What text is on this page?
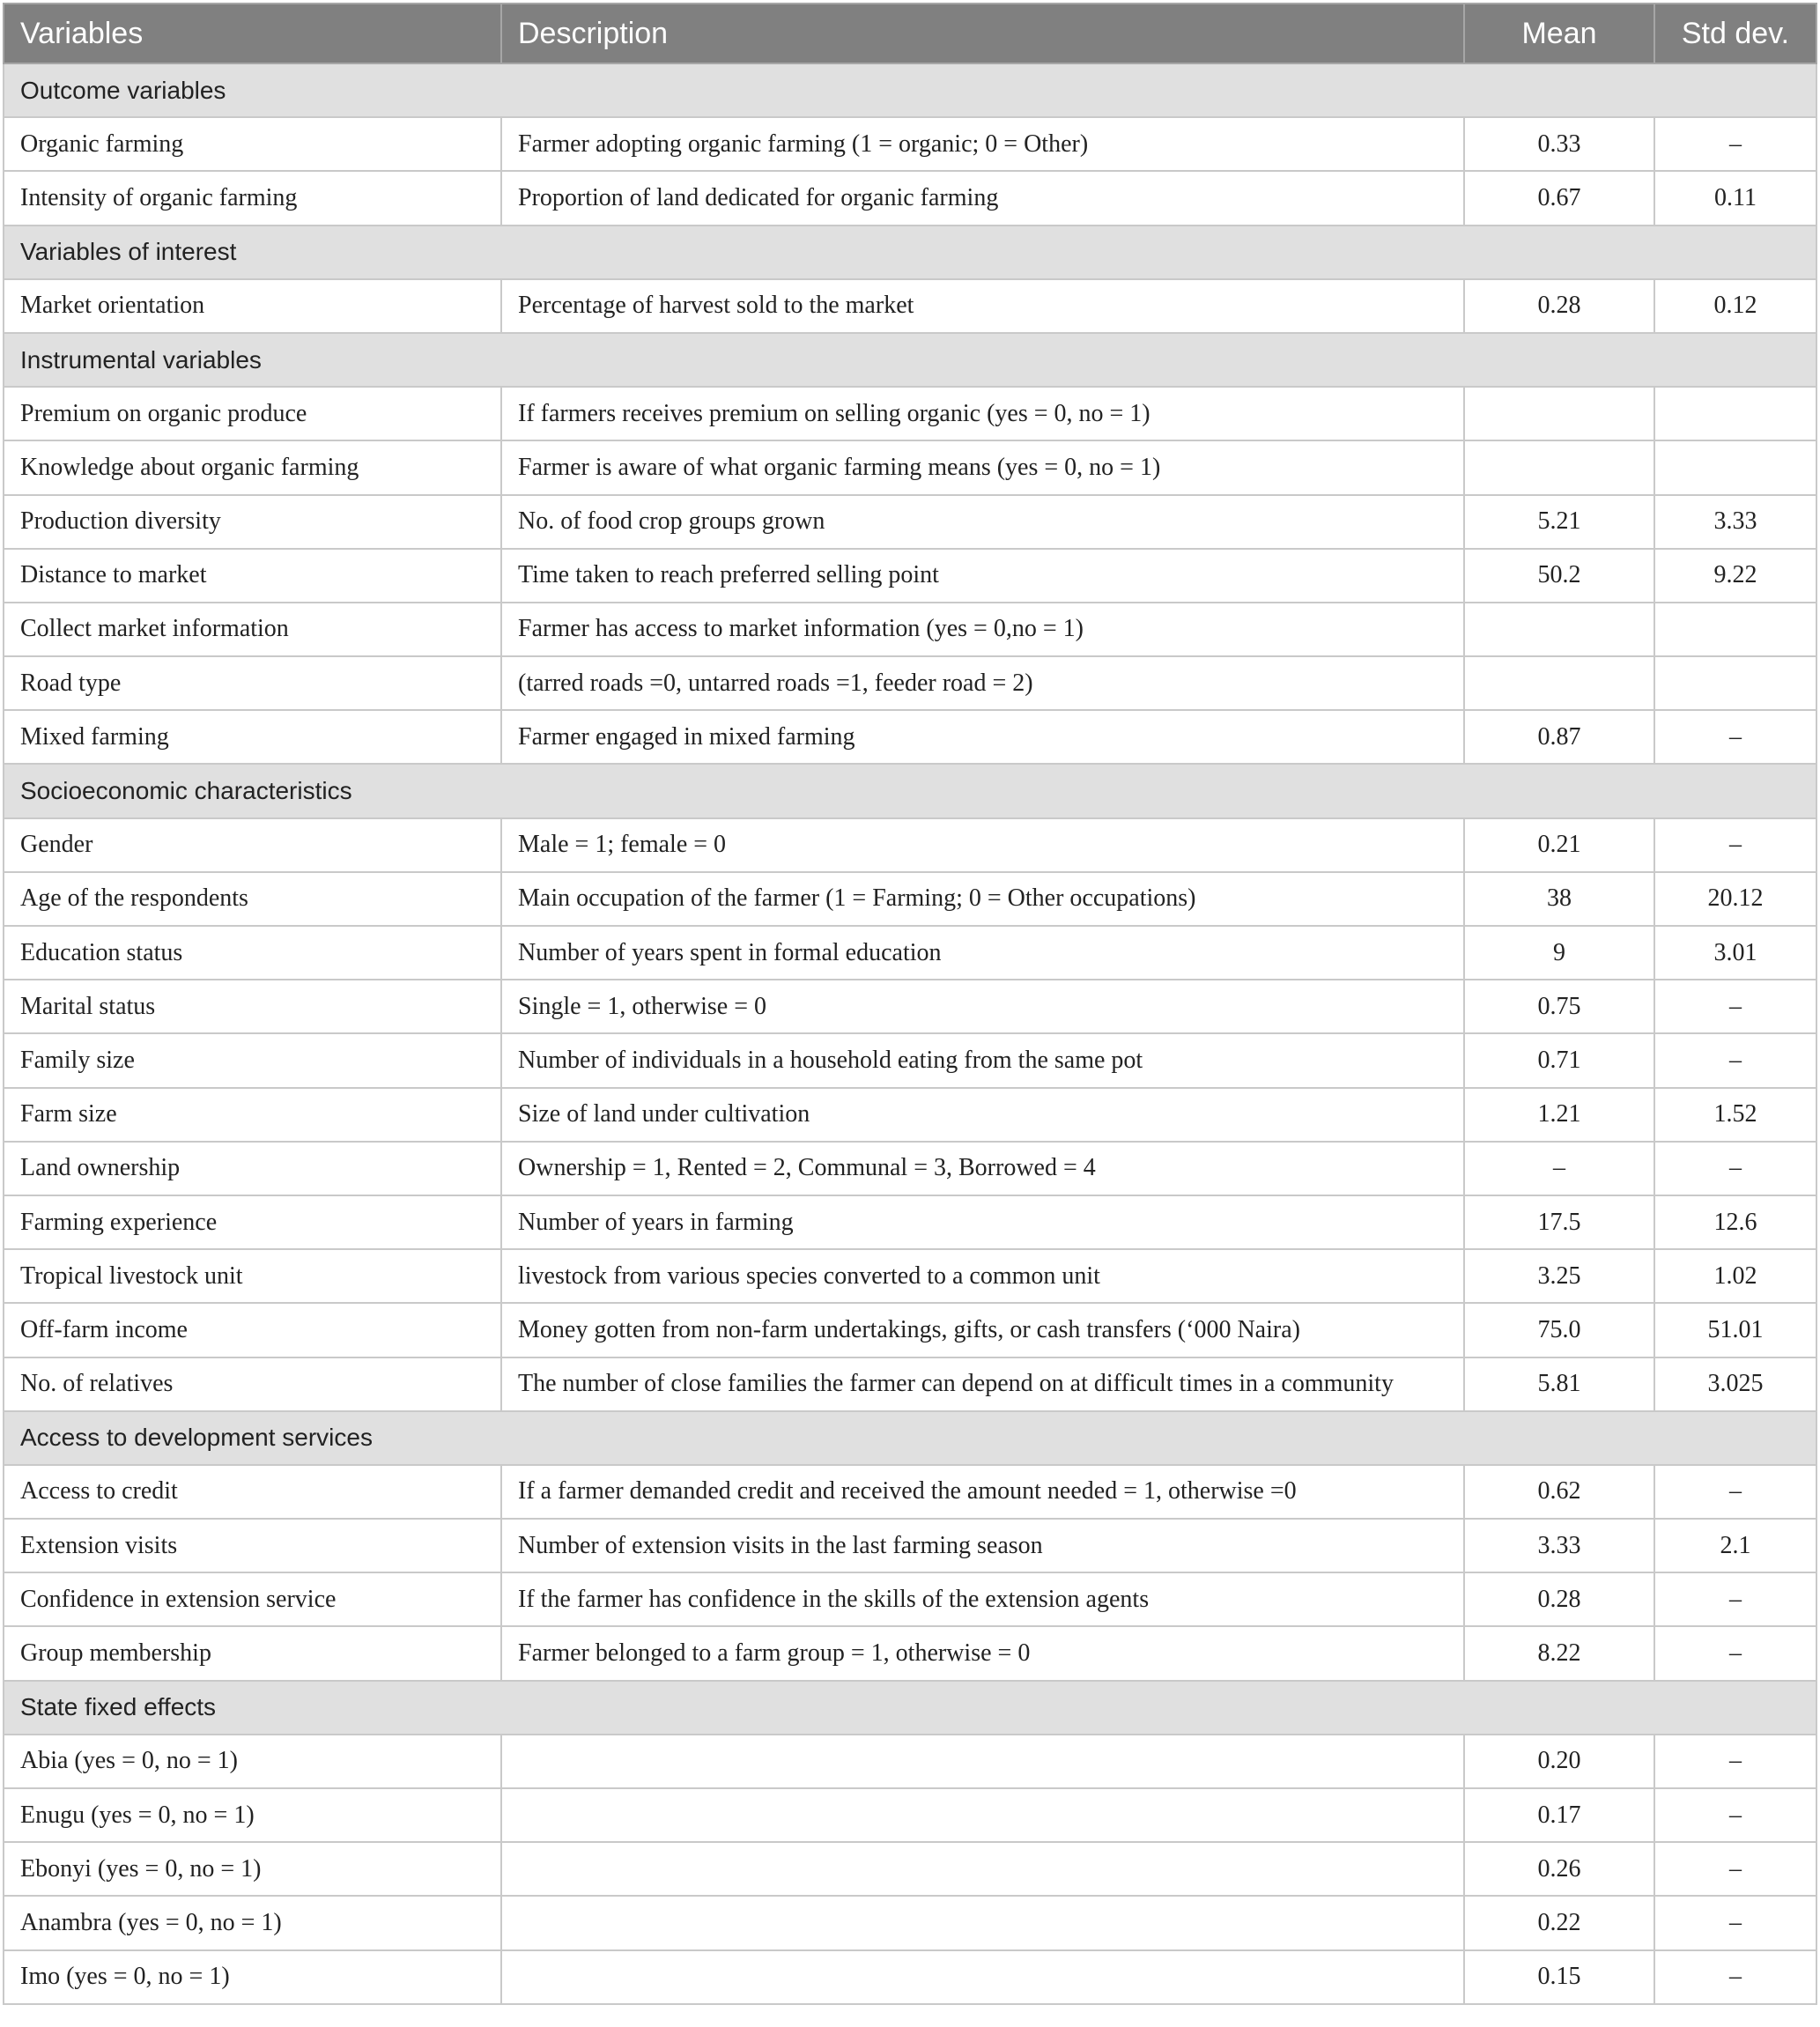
Variables	Description	Mean	Std dev.
Outcome variables			
Organic farming	Farmer adopting organic farming (1 = organic; 0 = Other)	0.33	–
Intensity of organic farming	Proportion of land dedicated for organic farming	0.67	0.11
Variables of interest			
Market orientation	Percentage of harvest sold to the market	0.28	0.12
Instrumental variables			
Premium on organic produce	If farmers receives premium on selling organic (yes = 0, no = 1)		
Knowledge about organic farming	Farmer is aware of what organic farming means (yes = 0, no = 1)		
Production diversity	No. of food crop groups grown	5.21	3.33
Distance to market	Time taken to reach preferred selling point	50.2	9.22
Collect market information	Farmer has access to market information (yes = 0,no = 1)		
Road type	(tarred roads =0, untarred roads =1, feeder road = 2)		
Mixed farming	Farmer engaged in mixed farming	0.87	–
Socioeconomic characteristics			
Gender	Male = 1; female = 0	0.21	–
Age of the respondents	Main occupation of the farmer (1 = Farming; 0 = Other occupations)	38	20.12
Education status	Number of years spent in formal education	9	3.01
Marital status	Single = 1, otherwise = 0	0.75	–
Family size	Number of individuals in a household eating from the same pot	0.71	–
Farm size	Size of land under cultivation	1.21	1.52
Land ownership	Ownership = 1, Rented = 2, Communal = 3, Borrowed = 4	–	–
Farming experience	Number of years in farming	17.5	12.6
Tropical livestock unit	livestock from various species converted to a common unit	3.25	1.02
Off-farm income	Money gotten from non-farm undertakings, gifts, or cash transfers (‘000 Naira)	75.0	51.01
No. of relatives	The number of close families the farmer can depend on at difficult times in a community	5.81	3.025
Access to development services			
Access to credit	If a farmer demanded credit and received the amount needed = 1, otherwise =0	0.62	–
Extension visits	Number of extension visits in the last farming season	3.33	2.1
Confidence in extension service	If the farmer has confidence in the skills of the extension agents	0.28	–
Group membership	Farmer belonged to a farm group = 1, otherwise = 0	8.22	–
State fixed effects			
Abia (yes = 0, no = 1)		0.20	–
Enugu (yes = 0, no = 1)		0.17	–
Ebonyi (yes = 0, no = 1)		0.26	–
Anambra (yes = 0, no = 1)		0.22	–
Imo (yes = 0, no = 1)		0.15	–
